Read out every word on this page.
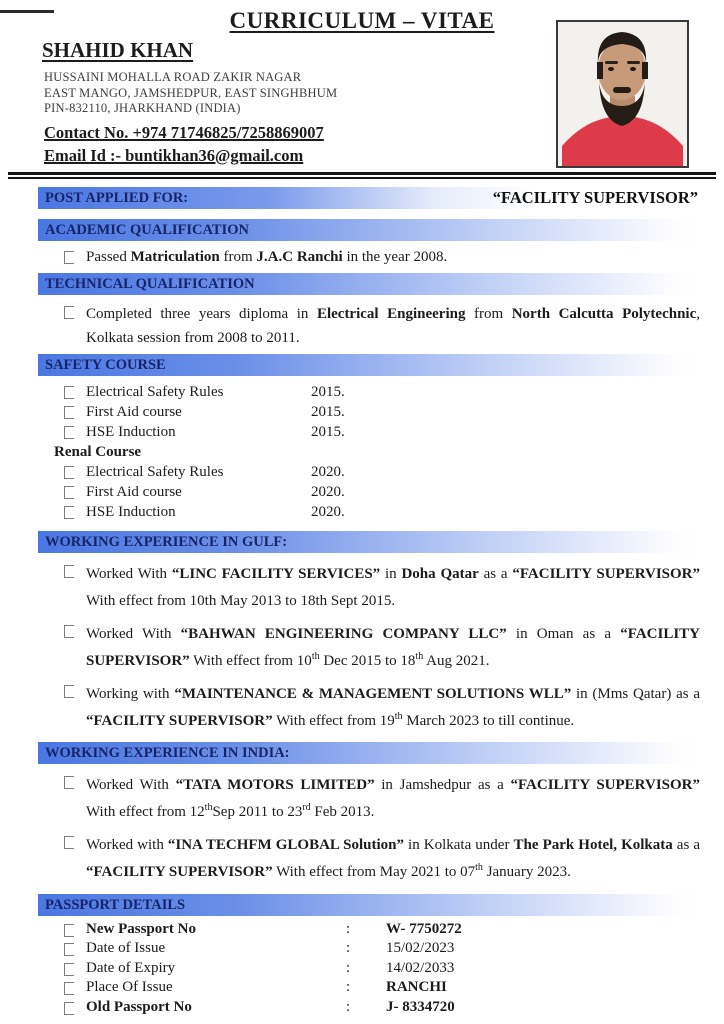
CURRICULUM – VITAE
SHAHID KHAN
HUSSAINI MOHALLA ROAD ZAKIR NAGAR
EAST MANGO, JAMSHEDPUR, EAST SINGHBHUM
PIN-832110, JHARKHAND (INDIA)
Contact No. +974 71746825/7258869007
Email Id :- buntikhan36@gmail.com
POST APPLIED FOR:	“FACILITY SUPERVISOR”
ACADEMIC QUALIFICATION
Passed Matriculation from J.A.C Ranchi in the year 2008.
TECHNICAL QUALIFICATION
Completed three years diploma in Electrical Engineering from North Calcutta Polytechnic, Kolkata session from 2008 to 2011.
SAFETY COURSE
Electrical Safety Rules	2015.
First Aid course	2015.
HSE Induction	2015.
Renal Course
Electrical Safety Rules	2020.
First Aid course	2020.
HSE Induction	2020.
WORKING EXPERIENCE IN GULF:
Worked With “LINC FACILITY SERVICES” in Doha Qatar as a “FACILITY SUPERVISOR” With effect from 10th May 2013 to 18th Sept 2015.
Worked With “BAHWAN ENGINEERING COMPANY LLC” in Oman as a “FACILITY SUPERVISOR” With effect from 10th Dec 2015 to 18th Aug 2021.
Working with “MAINTENANCE & MANAGEMENT SOLUTIONS WLL” in (Mms Qatar) as a “FACILITY SUPERVISOR” With effect from 19th March 2023 to till continue.
WORKING EXPERIENCE IN INDIA:
Worked With “TATA MOTORS LIMITED” in Jamshedpur as a “FACILITY SUPERVISOR” With effect from 12thSep 2011 to 23rd Feb 2013.
Worked with “INA TECHFM GLOBAL Solution” in Kolkata under The Park Hotel, Kolkata as a “FACILITY SUPERVISOR” With effect from May 2021 to 07th January 2023.
PASSPORT DETAILS
New Passport No	:	W- 7750272
Date of Issue	:	15/02/2023
Date of Expiry	:	14/02/2033
Place Of Issue	:	RANCHI
Old Passport No	:	J- 8334720
